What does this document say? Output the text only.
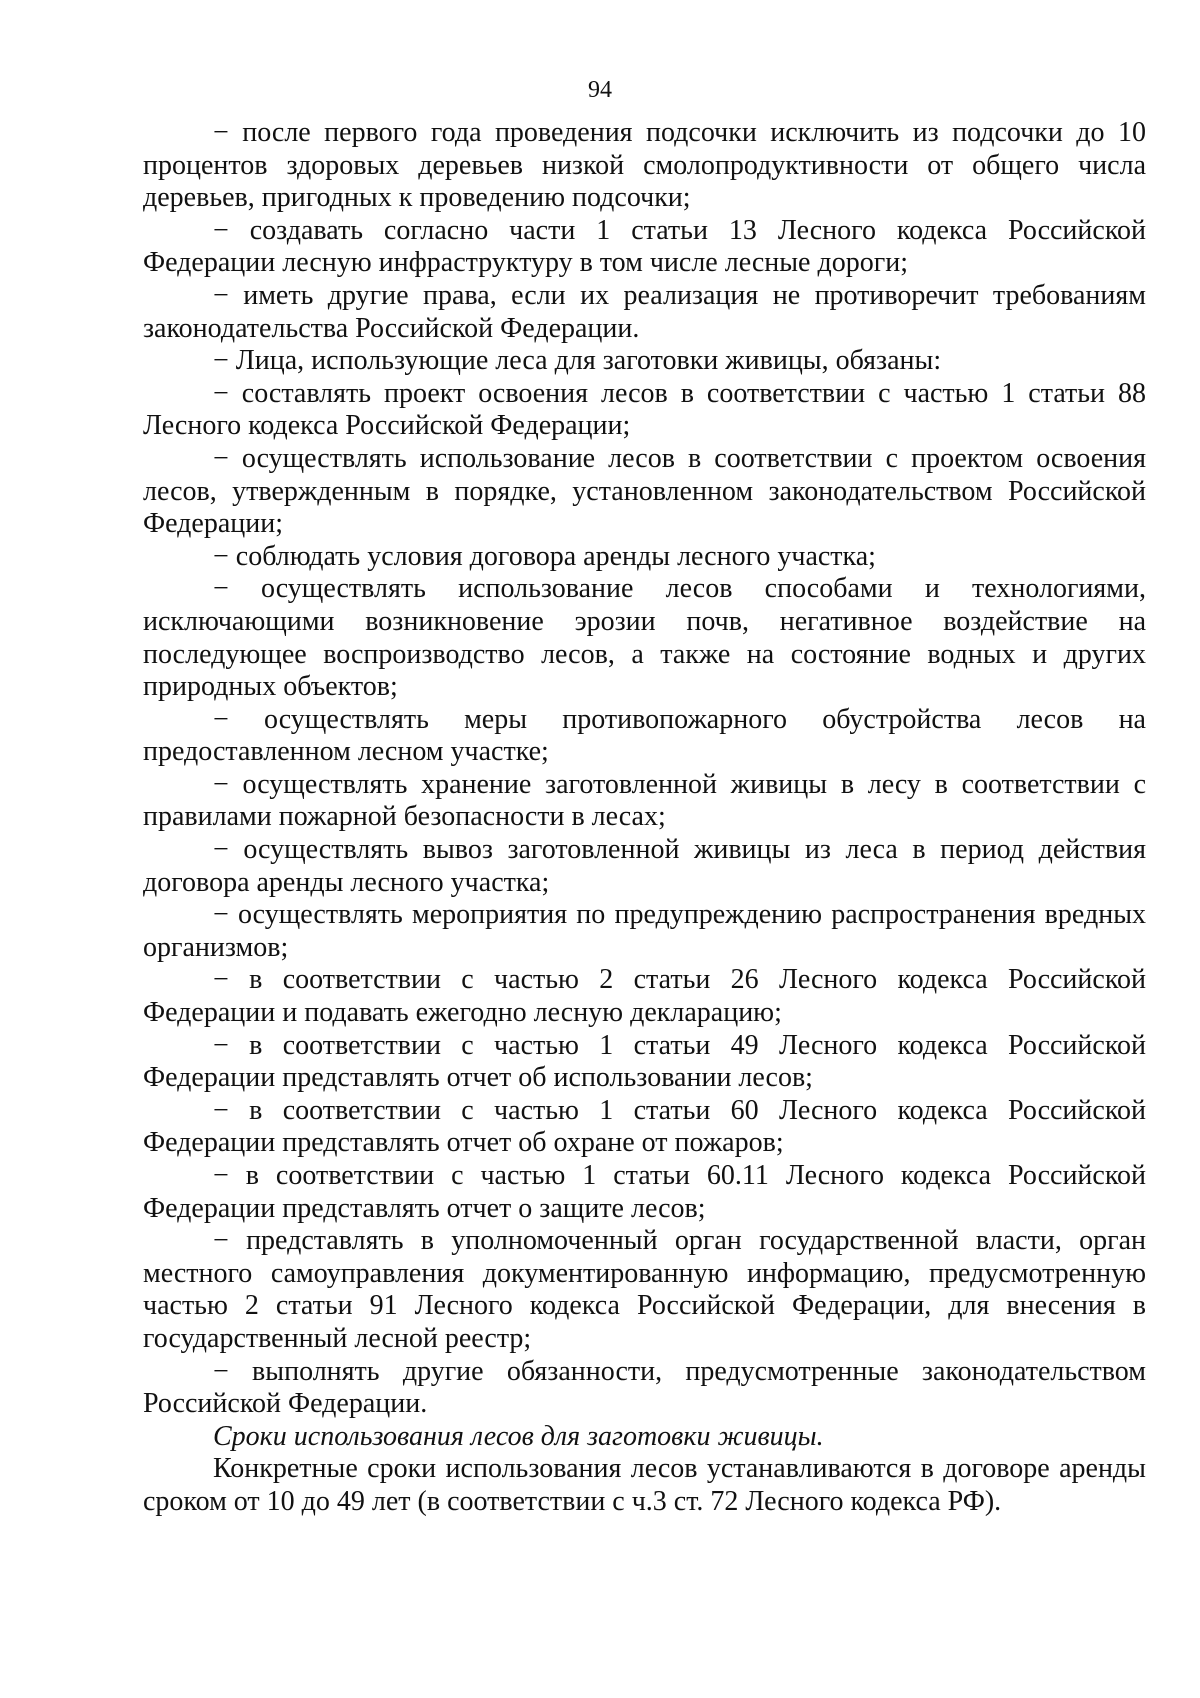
94

− после первого года проведения подсочки исключить из подсочки до 10 процентов здоровых деревьев низкой смолопродуктивности от общего числа деревьев, пригодных к проведению подсочки;

− создавать согласно части 1 статьи 13 Лесного кодекса Российской Федерации лесную инфраструктуру в том числе лесные дороги;

− иметь другие права, если их реализация не противоречит требованиям законодательства Российской Федерации.

− Лица, использующие леса для заготовки живицы, обязаны:

− составлять проект освоения лесов в соответствии с частью 1 статьи 88 Лесного кодекса Российской Федерации;

− осуществлять использование лесов в соответствии с проектом освоения лесов, утвержденным в порядке, установленном законодательством Российской Федерации;

− соблюдать условия договора аренды лесного участка;

− осуществлять использование лесов способами и технологиями, исключающими возникновение эрозии почв, негативное воздействие на последующее воспроизводство лесов, а также на состояние водных и других природных объектов;

− осуществлять меры противопожарного обустройства лесов на предоставленном лесном участке;

− осуществлять хранение заготовленной живицы в лесу в соответствии с правилами пожарной безопасности в лесах;

− осуществлять вывоз заготовленной живицы из леса в период действия договора аренды лесного участка;

− осуществлять мероприятия по предупреждению распространения вредных организмов;

− в соответствии с частью 2 статьи 26 Лесного кодекса Российской Федерации и подавать ежегодно лесную декларацию;

− в соответствии с частью 1 статьи 49 Лесного кодекса Российской Федерации представлять отчет об использовании лесов;

− в соответствии с частью 1 статьи 60 Лесного кодекса Российской Федерации представлять отчет об охране от пожаров;

− в соответствии с частью 1 статьи 60.11 Лесного кодекса Российской Федерации представлять отчет о защите лесов;

− представлять в уполномоченный орган государственной власти, орган местного самоуправления документированную информацию, предусмотренную частью 2 статьи 91 Лесного кодекса Российской Федерации, для внесения в государственный лесной реестр;

− выполнять другие обязанности, предусмотренные законодательством Российской Федерации.

Сроки использования лесов для заготовки живицы.

Конкретные сроки использования лесов устанавливаются в договоре аренды сроком от 10 до 49 лет (в соответствии с ч.3 ст. 72 Лесного кодекса РФ).
